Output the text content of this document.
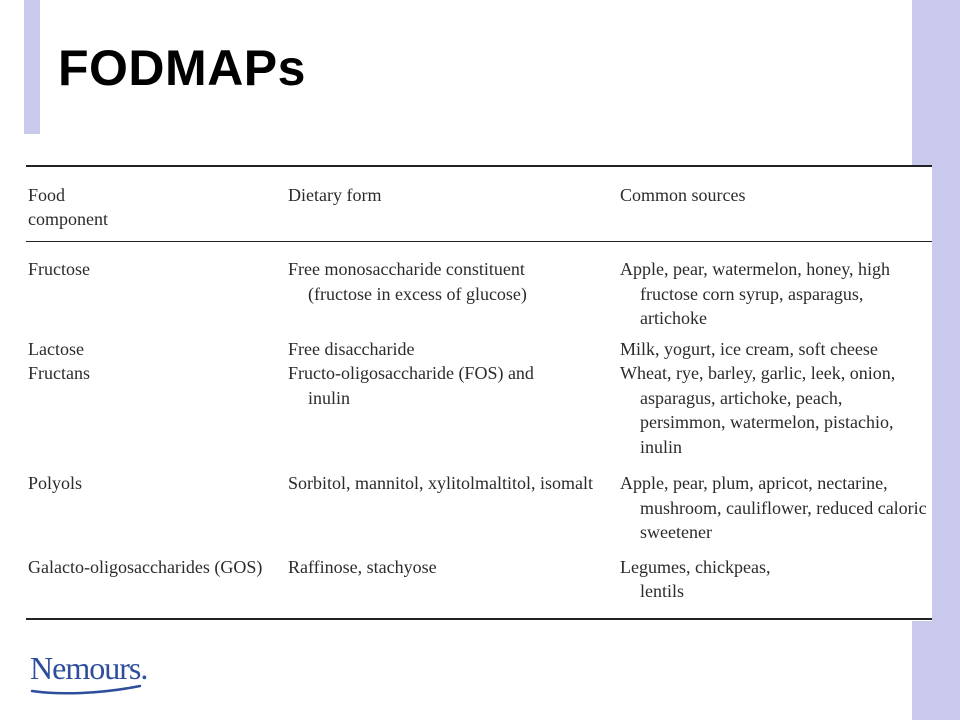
FODMAPs
Food component	Dietary form	Common sources
Fructose	Free monosaccharide constituent (fructose in excess of glucose)	Apple, pear, watermelon, honey, high fructose corn syrup, asparagus, artichoke

Lactose	Free disaccharide	Milk, yogurt, ice cream, soft cheese

Fructans	Fructo-oligosaccharide (FOS) and inulin	Wheat, rye, barley, garlic, leek, onion, asparagus, artichoke, peach, persimmon, watermelon, pistachio, inulin

Polyols	Sorbitol, mannitol, xylitolmaltitol, isomalt	Apple, pear, plum, apricot, nectarine, mushroom, cauliflower, reduced caloric sweetener

Galacto-oligosaccharides (GOS)	Raffinose, stachyose	Legumes, chickpeas, lentils
Nemours.
